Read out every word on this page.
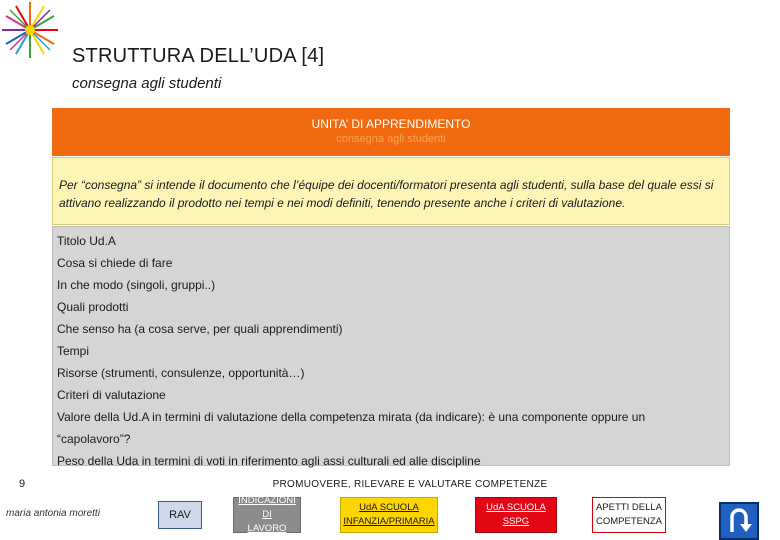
STRUTTURA DELL’UDA [4]
consegna agli studenti
UNITA’ DI APPRENDIMENTO
consegna agli studenti
Per “consegna” si intende il documento che l’équipe dei docenti/formatori presenta agli studenti, sulla base del quale essi si attivano realizzando il prodotto nei tempi e nei modi definiti, tenendo presente anche i criteri di valutazione.
Titolo Ud.A
Cosa si chiede di fare
In che modo (singoli, gruppi..)
Quali prodotti
Che senso ha (a cosa serve, per quali apprendimenti)
Tempi
Risorse (strumenti, consulenze, opportunità…)
Criteri di valutazione
Valore della Ud.A in termini di valutazione della competenza mirata (da indicare): è una componente oppure un
“capolavoro”?
Peso della Uda in termini di voti in riferimento agli assi culturali ed alle discipline
9	PROMUOVERE, RILEVARE E VALUTARE COMPETENZE
maria antonia moretti	RAV
INDICAZIONI DI
LAVORO
UdA SCUOLA
INFANZIA/PRIMARIA
UdA SCUOLA
SSPG
APETTI DELLA
COMPETENZA
